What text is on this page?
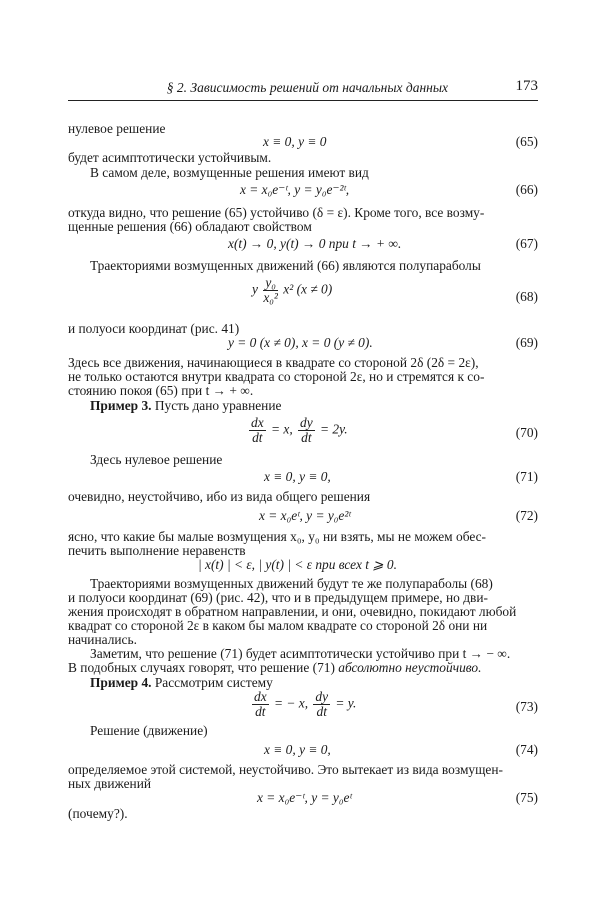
§ 2. Зависимость решений от начальных данных	173
нулевое решение
x ≡ 0, y ≡ 0	(65)
будет асимптотически устойчивым.
В самом деле, возмущенные решения имеют вид
x = x₀e⁻ᵗ, y = y₀e⁻²ᵗ,	(66)
откуда видно, что решение (65) устойчиво (δ = ε). Кроме того, все возму-
щенные решения (66) обладают свойством
x(t) → 0, y(t) → 0 при t → + ∞.	(67)
Траекториями возмущенных движений (66) являются полупараболы
y $\frac{\text{y₀}}{\text{x₀²}} x^2$ (x ≠ 0)	(68)
и полуоси координат (рис. 41)
y = 0 (x ≠ 0), x = 0 (y ≠ 0).	(69)
Здесь все движения, начинающиеся в квадрате со стороной 2δ (2δ = 2ε),
не только остаются внутри квадрата со стороной 2ε, но и стремятся к со-
стоянию покоя (65) при t → + ∞.
Пример 3. Пусть дано уравнение
$\frac{dx}{dt} = x$, $\frac{dy}{dt} = 2y$.	(70)
Здесь нулевое решение
x ≡ 0, y ≡ 0,	(71)
очевидно, неустойчиво, ибо из вида общего решения
x = x₀eᵗ, y = y₀e²ᵗ	(72)
ясно, что какие бы малые возмущения x₀, y₀ ни взять, мы не можем обес-
печить выполнение неравенств
| x(t) | < ε, | y(t) | < ε при всех t ⩾ 0.
Траекториями возмущенных движений будут те же полупараболы (68)
и полуоси координат (69) (рис. 42), что и в предыдущем примере, но дви-
жения происходят в обратном направлении, и они, очевидно, покидают любой
квадрат со стороной 2ε в каком бы малом квадрате со стороной 2δ они ни
начинались.
Заметим, что решение (71) будет асимптотически устойчиво при t → − ∞.
В подобных случаях говорят, что решение (71) абсолютно неустойчиво.
Пример 4. Рассмотрим систему
$\frac{dx}{dt}$ = − x, $\frac{dy}{dt} = y$.	(73)
Решение (движение)
x ≡ 0, y ≡ 0,	(74)
определяемое этой системой, неустойчиво. Это вытекает из вида возмущен-
ных движений
x = x₀e⁻ᵗ, y = y₀eᵗ	(75)
(почему?).
